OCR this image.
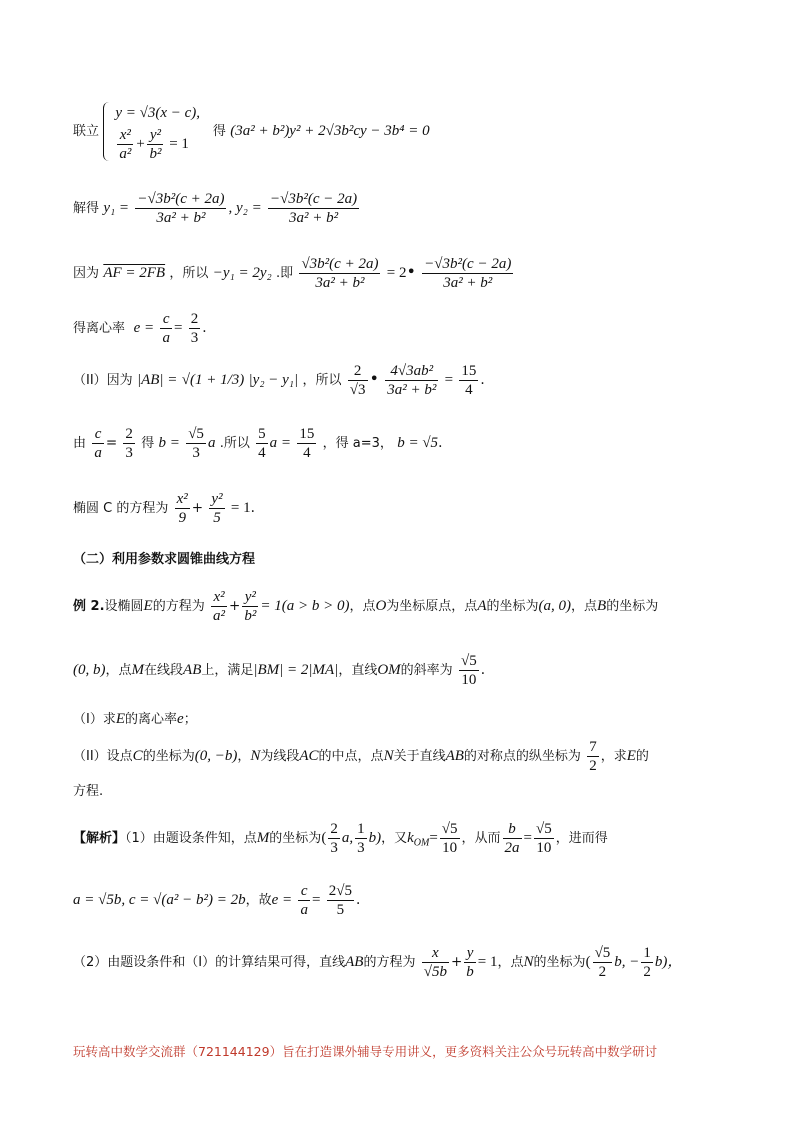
联立
y = √3(x − c),
$\frac{\text{x²}}{\text{a²}} + \frac{\text{y²}}{\text{b²}} = 1$
得 (3a² + b²)y² + 2√3b²cy − 3b⁴ = 0
解得 $y_1 = \frac{\text{−√3b²(c + 2a)}}{\text{3a² + b²}}$ , $y_2 = \frac{\text{−√3b²(c − 2a)}}{\text{3a² + b²}}$
因为 AF = 2FB ，所以 −y₁ = 2y₂ .即 $\frac{\text{√3b²(c + 2a)}}{\text{3a² + b²}}$ = 2• $\frac{\text{−√3b²(c − 2a)}}{\text{3a² + b²}}$
得离心率 $e = \frac{c}{a} = \frac{2}{3}$ .
（II）因为 |AB| = √(1 + 1/3) |y₂ − y₁| ，所以 $\frac{2}{√3}$ • $\frac{\text{4√3ab²}}{\text{3a² + b²}} = \frac{15}{4}$ .
由 $\frac{c}{a} = \frac{2}{3}$ 得 $b = \frac{√5}{3}$ a .所以 $\frac{5}{4}$ $a = \frac{15}{4}$ ，得 a=3， b = √5.
椭圆 C 的方程为 $\frac{\text{x²}}{9} + \frac{\text{y²}}{5} = 1$.
（二）利用参数求圆锥曲线方程
例 2.设椭圆E的方程为 $\frac{\text{x²}}{\text{a²}} + \frac{\text{y²}}{\text{b²}} = 1(a > b > 0)$，点O为坐标原点，点A的坐标为(a, 0)，点B的坐标为
(0, b)，点M在线段AB上，满足|BM| = 2|MA|，直线OM的斜率为 $\frac{√5}{10}$ .
（I）求E的离心率e；
（II）设点C的坐标为(0, −b)，N为线段AC的中点，点N关于直线AB的对称点的纵坐标为 $\frac{7}{2}$ ，求E的
方程.
【解析】（1）由题设条件知，点M的坐标为( $\frac{2}{3} a$, $\frac{1}{3} b$)，又$k_{OM}= \frac{√5}{10}$ ，从而 $\frac{b}{2a} = \frac{√5}{10}$ ，进而得
a = √5b, c = √(a² − b²) = 2b，故$e = \frac{c}{a} = \frac{2√5}{5}$ .
（2）由题设条件和（I）的计算结果可得，直线AB的方程为 $\frac{x}{√5b} + \frac{y}{b} = 1$，点N的坐标为( $\frac{√5}{2} b$, − $\frac{1}{2} b$)，
玩转高中数学交流群（721144129）旨在打造课外辅导专用讲义，更多资料关注公众号玩转高中数学研讨
